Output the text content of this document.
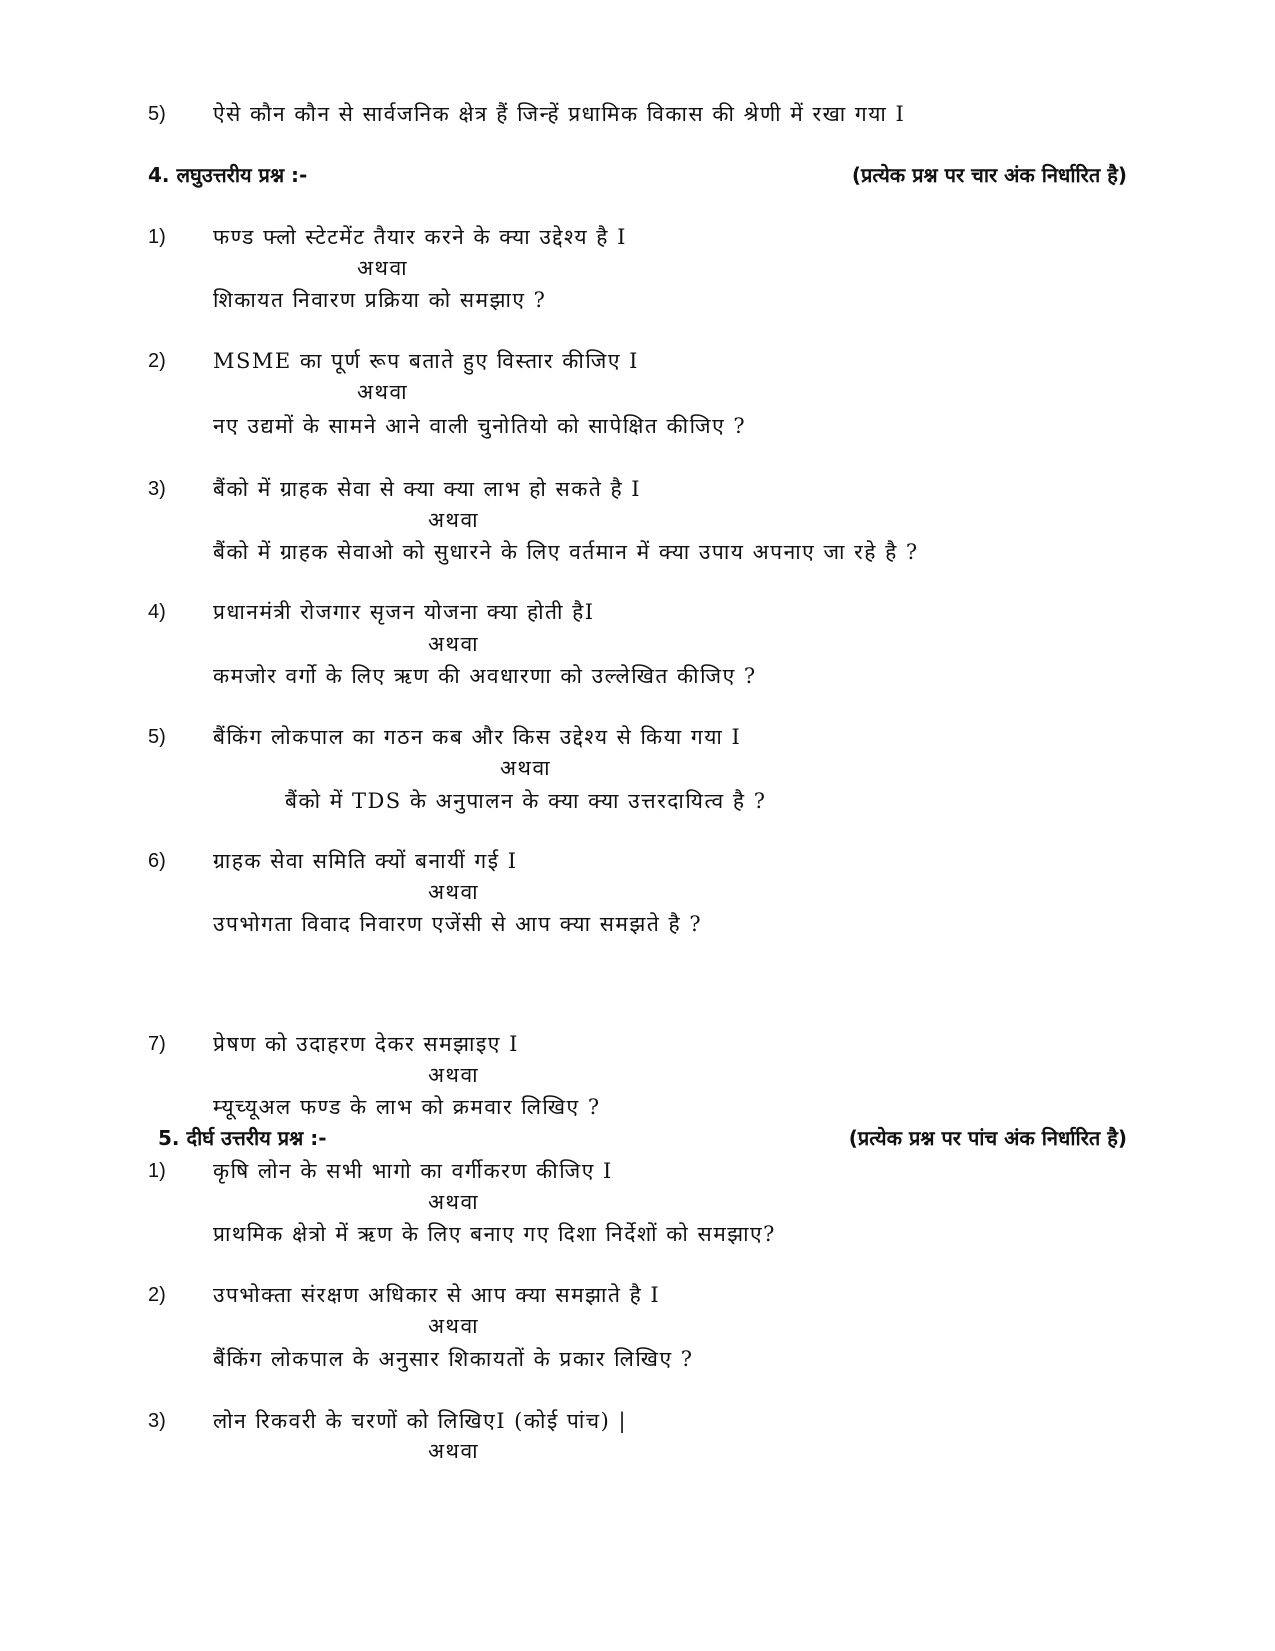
5) ऐसे कौन कौन से सार्वजनिक क्षेत्र हैं जिन्हें प्रधामिक विकास की श्रेणी में रखा गया I
4. लघुउत्तरीय प्रश्न :-	(प्रत्येक प्रश्न पर चार अंक निर्धारित है)
1) फण्ड फ्लो स्टेटमेंट तैयार करने के क्या उद्देश्य है I
अथवा
शिकायत निवारण प्रक्रिया को समझाए ?
2) MSME का पूर्ण रूप बताते हुए विस्तार कीजिए I
अथवा
नए उद्यमों के सामने आने वाली चुनोतियो को सापेक्षित कीजिए ?
3) बैंको में ग्राहक सेवा से क्या क्या लाभ हो सकते है I
अथवा
बैंको में ग्राहक सेवाओ को सुधारने के लिए वर्तमान में क्या उपाय अपनाए जा रहे है ?
4) प्रधानमंत्री रोजगार सृजन योजना क्या होती हैI
अथवा
कमजोर वर्गो के लिए ऋण की अवधारणा को उल्लेखित कीजिए ?
5) बैंकिंग लोकपाल का गठन कब और किस उद्देश्य से किया गया I
अथवा
बैंको में TDS के अनुपालन के क्या क्या उत्तरदायित्व है ?
6) ग्राहक सेवा समिति क्यों बनायीं गई I
अथवा
उपभोगता विवाद निवारण एजेंसी से आप क्या समझते है ?
7) प्रेषण को उदाहरण देकर समझाइए I
अथवा
म्यूच्यूअल फण्ड के लाभ को क्रमवार लिखिए ?
5. दीर्घ उत्तरीय प्रश्न :-	(प्रत्येक प्रश्न पर पांच अंक निर्धारित है)
1) कृषि लोन के सभी भागो का वर्गीकरण कीजिए I
अथवा
प्राथमिक क्षेत्रो में ऋण के लिए बनाए गए दिशा निर्देशों को समझाए?
2) उपभोक्ता संरक्षण अधिकार से आप क्या समझाते है I
अथवा
बैंकिंग लोकपाल के अनुसार शिकायतों के प्रकार लिखिए ?
3) लोन रिकवरी के चरणों को लिखिएI (कोई पांच) |
अथवा
